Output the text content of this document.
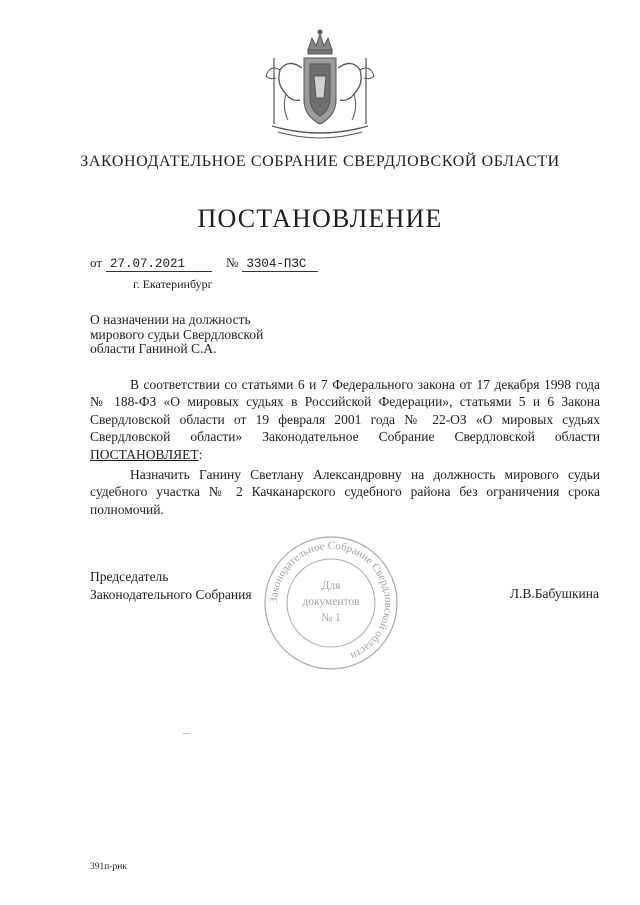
ЗАКОНОДАТЕЛЬНОЕ СОБРАНИЕ СВЕРДЛОВСКОЙ ОБЛАСТИ
ПОСТАНОВЛЕНИЕ
от 27.07.2021	№ 3304-ПЗС
г. Екатеринбург
О назначении на должность
мирового судьи Свердловской
области Ганиной С.А.

В соответствии со статьями 6 и 7 Федерального закона от 17 декабря 1998 года № 188-ФЗ «О мировых судьях в Российской Федерации», статьями 5 и 6 Закона Свердловской области от 19 февраля 2001 года № 22-ОЗ «О мировых судьях Свердловской области» Законодательное Собрание Свердловской области ПОСТАНОВЛЯЕТ:

Назначить Ганину Светлану Александровну на должность мирового судьи судебного участка № 2 Качканарского судебного района без ограничения срока полномочий.

Председатель
Законодательного Собрания	Л.В.Бабушкина
Законодательное Собрание Свердловской области
Для
документов
№ 1
391п-рнк
